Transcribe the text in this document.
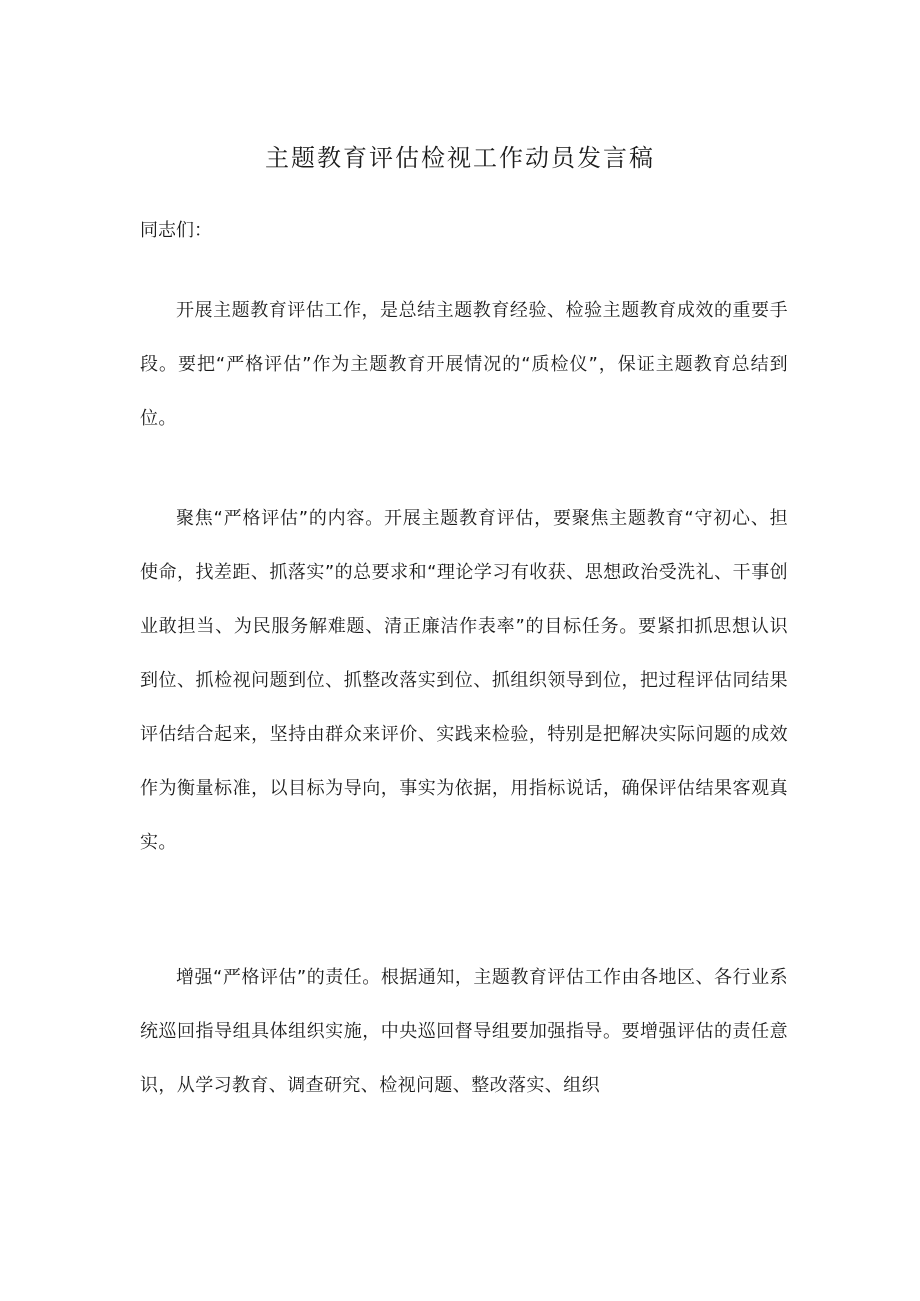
主题教育评估检视工作动员发言稿

同志们：

开展主题教育评估工作，是总结主题教育经验、检验主题教育成效的重要手段。要把“严格评估”作为主题教育开展情况的“质检仪”，保证主题教育总结到位。

聚焦“严格评估”的内容。开展主题教育评估，要聚焦主题教育“守初心、担使命，找差距、抓落实”的总要求和“理论学习有收获、思想政治受洗礼、干事创业敢担当、为民服务解难题、清正廉洁作表率”的目标任务。要紧扣抓思想认识到位、抓检视问题到位、抓整改落实到位、抓组织领导到位，把过程评估同结果评估结合起来，坚持由群众来评价、实践来检验，特别是把解决实际问题的成效作为衡量标准，以目标为导向，事实为依据，用指标说话，确保评估结果客观真实。

增强“严格评估”的责任。根据通知，主题教育评估工作由各地区、各行业系统巡回指导组具体组织实施，中央巡回督导组要加强指导。要增强评估的责任意识，从学习教育、调查研究、检视问题、整改落实、组织
